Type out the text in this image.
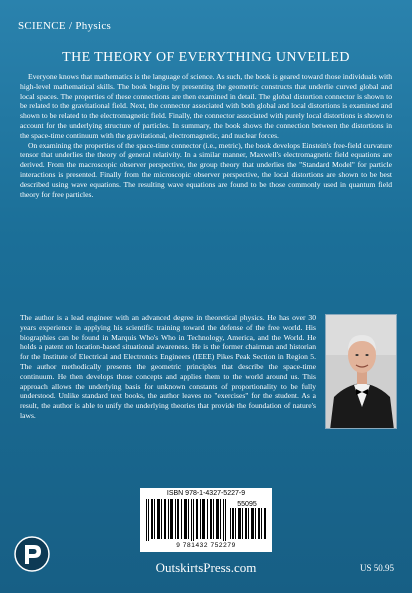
SCIENCE / Physics
THE THEORY OF EVERYTHING UNVEILED

Everyone knows that mathematics is the language of science. As such, the book is geared toward those individuals with high-level mathematical skills. The book begins by presenting the geometric constructs that underlie curved global and local spaces. The properties of these connections are then examined in detail. The global distortion connector is shown to be related to the gravitational field. Next, the connector associated with both global and local distortions is examined and shown to be related to the electromagnetic field. Finally, the connector associated with purely local distortions is shown to account for the underlying structure of particles. In summary, the book shows the connection between the distortions in the space-time continuum with the gravitational, electromagnetic, and nuclear forces.

On examining the properties of the space-time connector (i.e., metric), the book develops Einstein's free-field curvature tensor that underlies the theory of general relativity. In a similar manner, Maxwell's electromagnetic field equations are derived. From the macroscopic observer perspective, the group theory that underlies the "Standard Model" for particle interactions is presented. Finally from the microscopic observer perspective, the local distortions are shown to be best described using wave equations. The resulting wave equations are found to be those commonly used in quantum field theory for free particles.

The author is a lead engineer with an advanced degree in theoretical physics. He has over 30 years experience in applying his scientific training toward the defense of the free world. His biographies can be found in Marquis Who's Who in Technology, America, and the World. He holds a patent on location-based situational awareness. He is the former chairman and historian for the Institute of Electrical and Electronics Engineers (IEEE) Pikes Peak Section in Region 5. The author methodically presents the geometric principles that describe the space-time continuum. He then develops those concepts and applies them to the world around us. This approach allows the underlying basis for unknown constants of proportionality to be fully understood. Unlike standard text books, the author leaves no "exercises" for the student. As a result, the author is able to unify the underlying theories that provide the foundation of nature's laws.
ISBN 978-1-4327-5227-9
55095
9 781432 752279
OutskirtsPress.com	US 50.95
